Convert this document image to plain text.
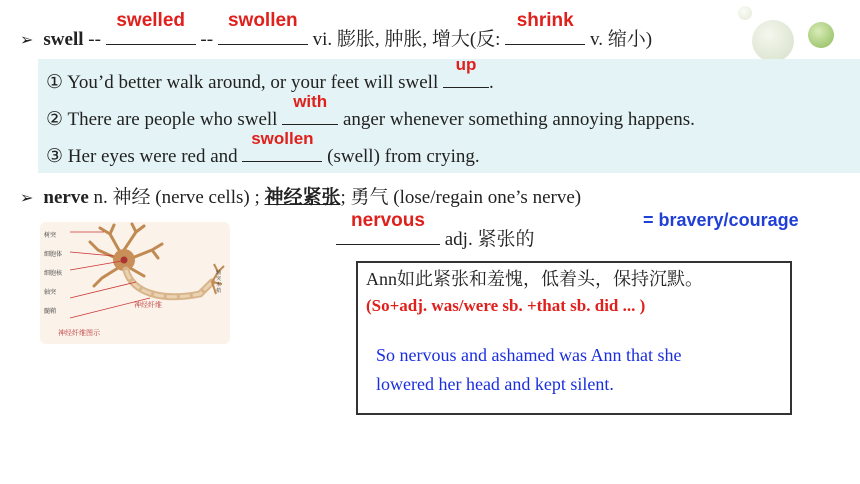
➢ swell --
swelled
--
swollen
vi. 膨胀, 肿胀, 增大(反:
shrink
v. 缩小)
① You’d better walk around, or your feet will swell
up
.
② There are people who swell
with
anger whenever something annoying happens.
③ Her eyes were red and
swollen
(swell) from crying.
➢ nerve n. 神经 (nerve cells) ; 神经紧张; 勇气 (lose/regain one’s nerve)
nervous
adj. 紧张的
= bravery/courage
树突
细胞体
细胞核
轴突
髓鞘
神经纤维
轴突末梢
神经纤维图示
Ann如此紧张和羞愧，低着头，保持沉默。
(So+adj. was/were sb. +that sb. did ... )
So nervous and ashamed was Ann that she
lowered her head and kept silent.
